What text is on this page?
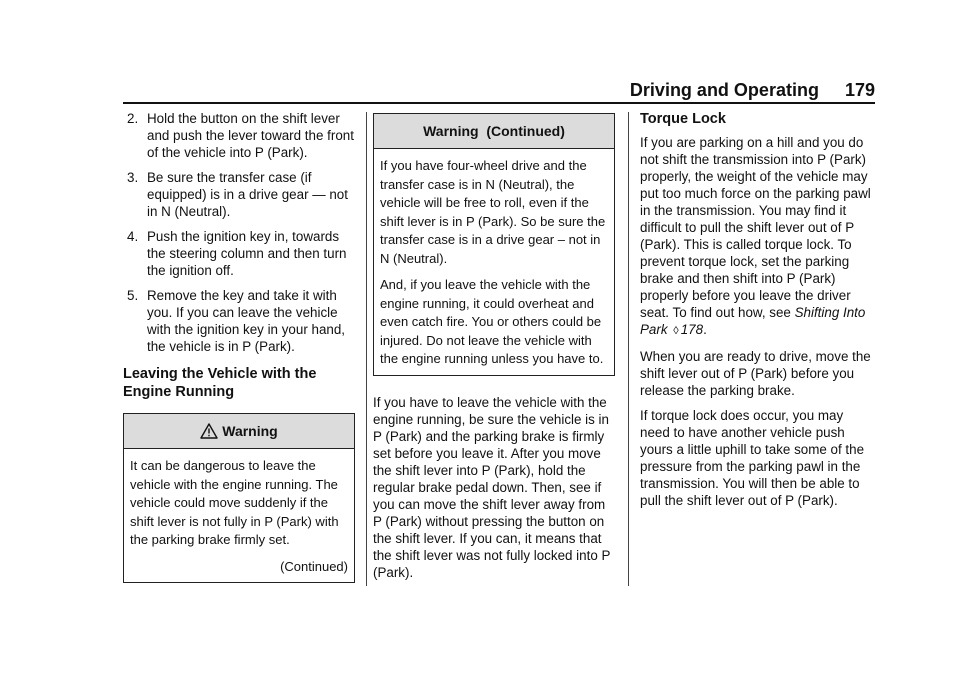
Driving and Operating 179
2. Hold the button on the shift lever and push the lever toward the front of the vehicle into P (Park).
3. Be sure the transfer case (if equipped) is in a drive gear — not in N (Neutral).
4. Push the ignition key in, towards the steering column and then turn the ignition off.
5. Remove the key and take it with you. If you can leave the vehicle with the ignition key in your hand, the vehicle is in P (Park).
Leaving the Vehicle with the Engine Running
Warning

It can be dangerous to leave the vehicle with the engine running. The vehicle could move suddenly if the shift lever is not fully in P (Park) with the parking brake firmly set.

(Continued)

Warning  (Continued)

If you have four-wheel drive and the transfer case is in N (Neutral), the vehicle will be free to roll, even if the shift lever is in P (Park). So be sure the transfer case is in a drive gear – not in N (Neutral).

And, if you leave the vehicle with the engine running, it could overheat and even catch fire. You or others could be injured. Do not leave the vehicle with the engine running unless you have to.

If you have to leave the vehicle with the engine running, be sure the vehicle is in P (Park) and the parking brake is firmly set before you leave it. After you move the shift lever into P (Park), hold the regular brake pedal down. Then, see if you can move the shift lever away from P (Park) without pressing the button on the shift lever. If you can, it means that the shift lever was not fully locked into P (Park).

Torque Lock

If you are parking on a hill and you do not shift the transmission into P (Park) properly, the weight of the vehicle may put too much force on the parking pawl in the transmission. You may find it difficult to pull the shift lever out of P (Park). This is called torque lock. To prevent torque lock, set the parking brake and then shift into P (Park) properly before you leave the driver seat. To find out how, see Shifting Into Park ◊ 178.

When you are ready to drive, move the shift lever out of P (Park) before you release the parking brake.

If torque lock does occur, you may need to have another vehicle push yours a little uphill to take some of the pressure from the parking pawl in the transmission. You will then be able to pull the shift lever out of P (Park).
